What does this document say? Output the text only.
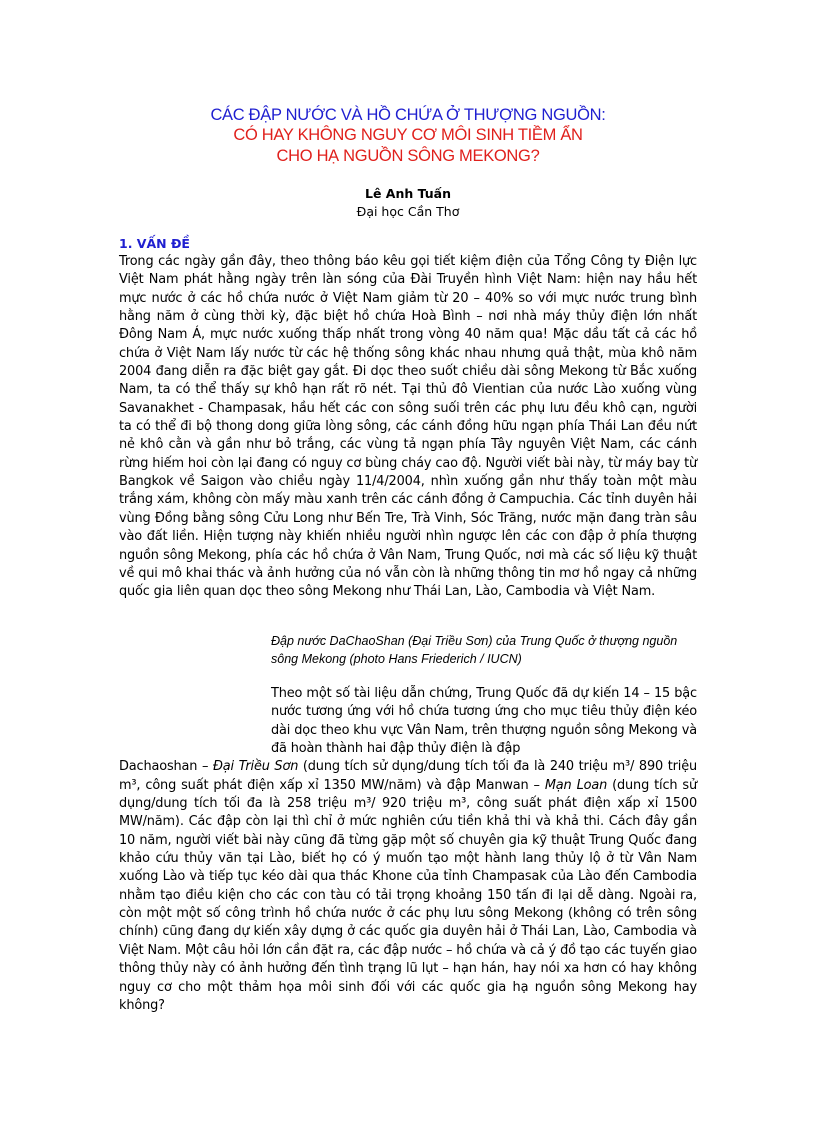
CÁC ĐẬP NƯỚC VÀ HỒ CHỨA Ở THƯỢNG NGUỒN:
CÓ HAY KHÔNG NGUY CƠ MÔI SINH TIỀM ẨN
CHO HẠ NGUỒN SÔNG MEKONG?
Lê Anh Tuấn
Đại học Cần Thơ
1. VẤN ĐỀ

Trong các ngày gần đây, theo thông báo kêu gọi tiết kiệm điện của Tổng Công ty Điện lực Việt Nam phát hằng ngày trên làn sóng của Đài Truyền hình Việt Nam: hiện nay hầu hết mực nước ở các hồ chứa nước ở Việt Nam giảm từ 20 – 40% so với mực nước trung bình hằng năm ở cùng thời kỳ, đặc biệt hồ chứa Hoà Bình – nơi nhà máy thủy điện lớn nhất Đông Nam Á, mực nước xuống thấp nhất trong vòng 40 năm qua! Mặc dầu tất cả các hồ chứa ở Việt Nam lấy nước từ các hệ thống sông khác nhau nhưng quả thật, mùa khô năm 2004 đang diễn ra đặc biệt gay gắt. Đi dọc theo suốt chiều dài sông Mekong từ Bắc xuống Nam, ta có thể thấy sự khô hạn rất rõ nét. Tại thủ đô Vientian của nước Lào xuống vùng Savanakhet - Champasak, hầu hết các con sông suối trên các phụ lưu đều khô cạn, người ta có thể đi bộ thong dong giữa lòng sông, các cánh đồng hữu ngạn phía Thái Lan đều nứt nẻ khô cằn và gần như bỏ trắng, các vùng tả ngạn phía Tây nguyên Việt Nam, các cánh rừng hiếm hoi còn lại đang có nguy cơ bùng cháy cao độ. Người viết bài này, từ máy bay từ Bangkok về Saigon vào chiều ngày 11/4/2004, nhìn xuống gần như thấy toàn một màu trắng xám, không còn mấy màu xanh trên các cánh đồng ở Campuchia. Các tỉnh duyên hải vùng Đồng bằng sông Cửu Long như Bến Tre, Trà Vinh, Sóc Trăng, nước mặn đang tràn sâu vào đất liền. Hiện tượng này khiến nhiều người nhìn ngược lên các con đập ở phía thượng nguồn sông Mekong, phía các hồ chứa ở Vân Nam, Trung Quốc, nơi mà các số liệu kỹ thuật về qui mô khai thác và ảnh hưởng của nó vẫn còn là những thông tin mơ hồ ngay cả những quốc gia liên quan dọc theo sông Mekong như Thái Lan, Lào, Cambodia và Việt Nam.

Đập nước DaChaoShan (Đại Triều Sơn) của Trung Quốc ở thượng nguồn sông Mekong (photo Hans Friederich / IUCN)

Theo một số tài liệu dẫn chứng, Trung Quốc đã dự kiến 14 – 15 bậc nước tương ứng với hồ chứa tương ứng cho mục tiêu thủy điện kéo dài dọc theo khu vực Vân Nam, trên thượng nguồn sông Mekong và đã hoàn thành hai đập thủy điện là đập
Dachaoshan – Đại Triều Sơn (dung tích sử dụng/dung tích tối đa là 240 triệu m³/ 890 triệu m³, công suất phát điện xấp xỉ 1350 MW/năm) và đập Manwan – Mạn Loan (dung tích sử dụng/dung tích tối đa là 258 triệu m³/ 920 triệu m³, công suất phát điện xấp xỉ 1500 MW/năm). Các đập còn lại thì chỉ ở mức nghiên cứu tiền khả thi và khả thi. Cách đây gần 10 năm, người viết bài này cũng đã từng gặp một số chuyên gia kỹ thuật Trung Quốc đang khảo cứu thủy văn tại Lào, biết họ có ý muốn tạo một hành lang thủy lộ ở từ Vân Nam xuống Lào và tiếp tục kéo dài qua thác Khone của tỉnh Champasak của Lào đến Cambodia nhằm tạo điều kiện cho các con tàu có tải trọng khoảng 150 tấn đi lại dễ dàng. Ngoài ra, còn một một số công trình hồ chứa nước ở các phụ lưu sông Mekong (không có trên sông chính) cũng đang dự kiến xây dựng ở các quốc gia duyên hải ở Thái Lan, Lào, Cambodia và Việt Nam. Một câu hỏi lớn cần đặt ra, các đập nước – hồ chứa và cả ý đồ tạo các tuyến giao thông thủy này có ảnh hưởng đến tình trạng lũ lụt – hạn hán, hay nói xa hơn có hay không nguy cơ cho một thảm họa môi sinh đối với các quốc gia hạ nguồn sông Mekong hay không?
